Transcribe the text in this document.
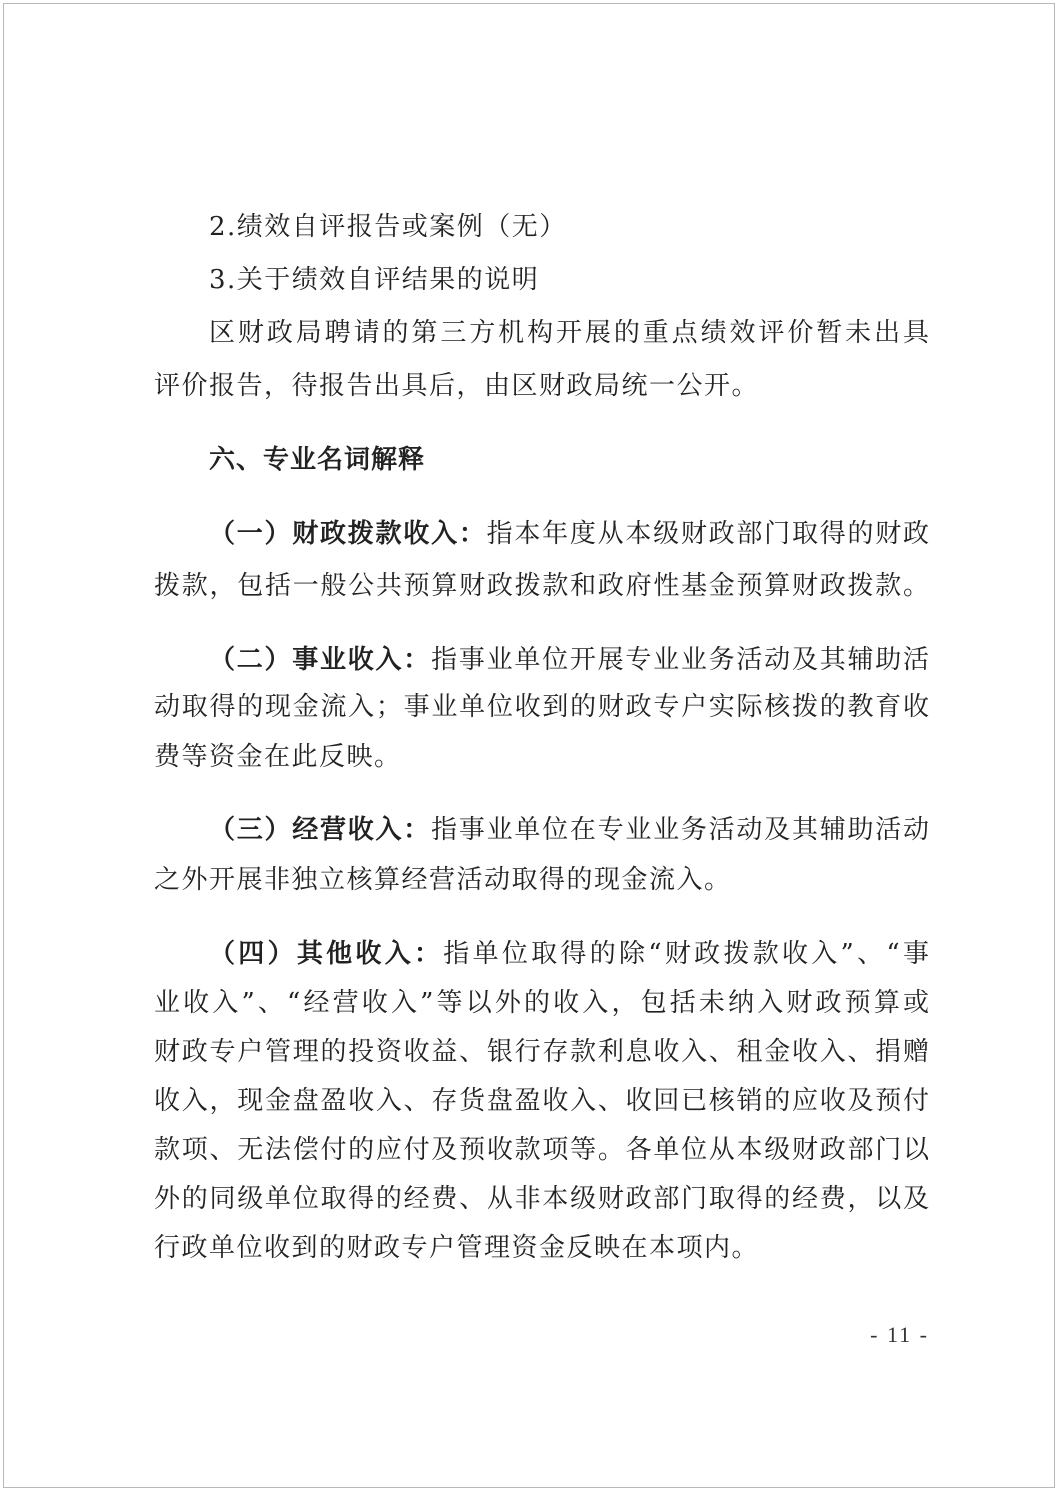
2.绩效自评报告或案例（无）
3.关于绩效自评结果的说明
区财政局聘请的第三方机构开展的重点绩效评价暂未出具
评价报告，待报告出具后，由区财政局统一公开。
六、专业名词解释
（一）财政拨款收入：指本年度从本级财政部门取得的财政
拨款，包括一般公共预算财政拨款和政府性基金预算财政拨款。
（二）事业收入：指事业单位开展专业业务活动及其辅助活
动取得的现金流入；事业单位收到的财政专户实际核拨的教育收
费等资金在此反映。
（三）经营收入：指事业单位在专业业务活动及其辅助活动
之外开展非独立核算经营活动取得的现金流入。
（四）其他收入：指单位取得的除“财政拨款收入”、“事
业收入”、“经营收入”等以外的收入，包括未纳入财政预算或
财政专户管理的投资收益、银行存款利息收入、租金收入、捐赠
收入，现金盘盈收入、存货盘盈收入、收回已核销的应收及预付
款项、无法偿付的应付及预收款项等。各单位从本级财政部门以
外的同级单位取得的经费、从非本级财政部门取得的经费，以及
行政单位收到的财政专户管理资金反映在本项内。
- 11 -
